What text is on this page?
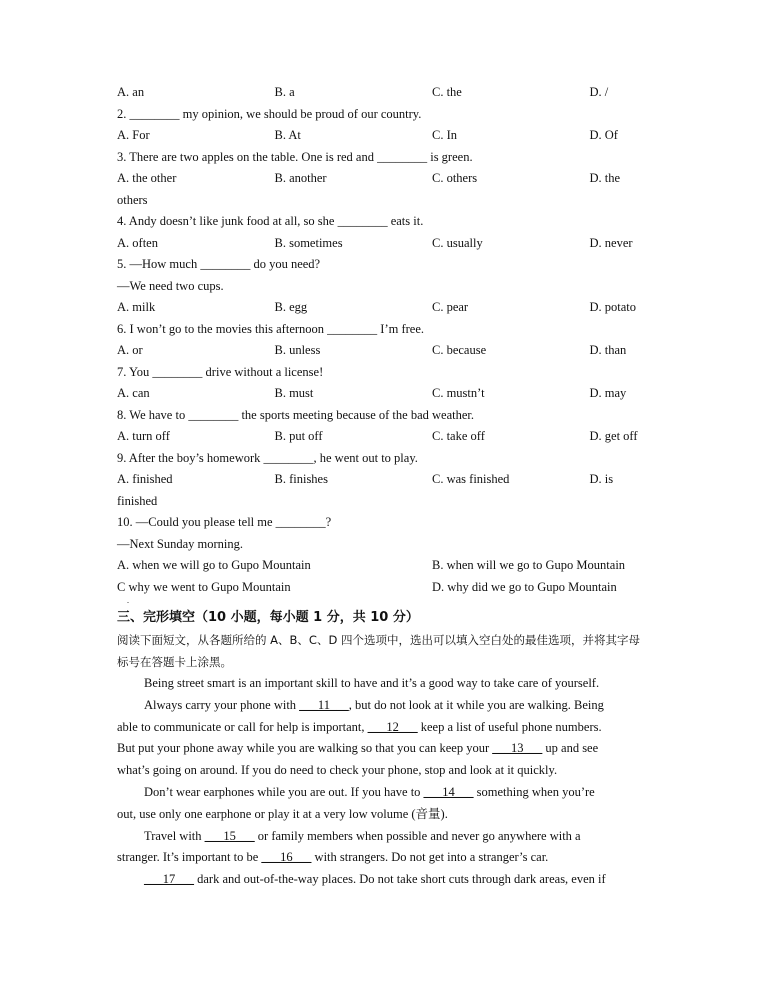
A. an	B. a	C. the	D. /
2. ________ my opinion, we should be proud of our country.
A. For	B. At	C. In	D. Of
3. There are two apples on the table. One is red and ________ is green.
A. the other	B. another	C. others	D. the
others
4. Andy doesn’t like junk food at all, so she ________ eats it.
A. often	B. sometimes	C. usually	D. never
5. —How much ________ do you need?
—We need two cups.
A. milk	B. egg	C. pear	D. potato
6. I won’t go to the movies this afternoon ________ I’m free.
A. or	B. unless	C. because	D. than
7. You ________ drive without a license!
A. can	B. must	C. mustn’t	D. may
8. We have to ________ the sports meeting because of the bad weather.
A. turn off	B. put off	C. take off	D. get off
9. After the boy’s homework ________, he went out to play.
A. finished	B. finishes	C. was finished	D. is
finished
10. —Could you please tell me ________?
—Next Sunday morning.
A. when we will go to Gupo Mountain	B. when will we go to Gupo Mountain
C why we went to Gupo Mountain	D. why did we go to Gupo Mountain
.
三、完形填空（10 小题，每小题 1 分，共 10 分）
阅读下面短文，从各题所给的 A、B、C、D 四个选项中，选出可以填入空白处的最佳选项，并将其字母标号在答题卡上涂黑。
Being street smart is an important skill to have and it’s a good way to take care of yourself.
Always carry your phone with ___11___, but do not look at it while you are walking. Being
able to communicate or call for help is important, ___12___ keep a list of useful phone numbers.
But put your phone away while you are walking so that you can keep your ___13___ up and see
what’s going on around. If you do need to check your phone, stop and look at it quickly.
Don’t wear earphones while you are out. If you have to ___14___ something when you’re
out, use only one earphone or play it at a very low volume (音量).
Travel with ___15___ or family members when possible and never go anywhere with a
stranger. It’s important to be ___16___ with strangers. Do not get into a stranger’s car.
___17___ dark and out-of-the-way places. Do not take short cuts through dark areas, even if
